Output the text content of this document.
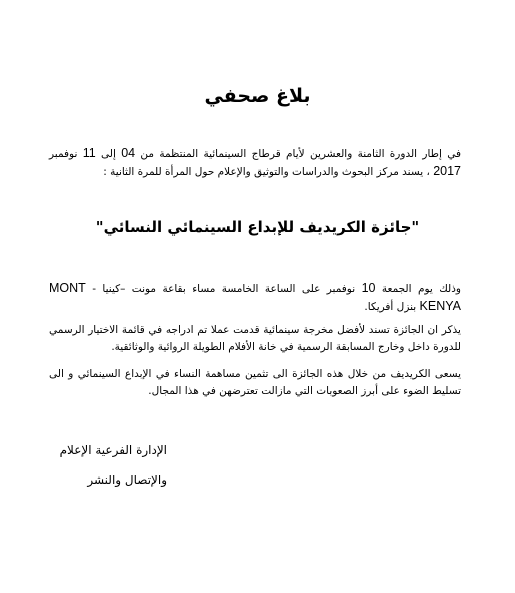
بلاغ صحفي

في إطار الدورة الثامنة والعشرين لأيام قرطاج السينمائية المنتظمة من 04 إلى 11 نوفمبر 2017 ، يسند مركز البحوث والدراسات والتوثيق والإعلام حول المرأة للمرة الثانية :

"جائزة الكريديف للإبداع السينمائي النسائي"

وذلك يوم الجمعة 10 نوفمبر على الساعة الخامسة مساء بقاعة مونت –كينيا - MONT KENYA بنزل أفريكا.

يذكر ان الجائزة تسند لأفضل مخرجة سينمائية قدمت عملا تم ادراجه في قائمة الاختيار الرسمي للدورة داخل وخارج المسابقة الرسمية في خانة الأفلام الطويلة الروائية والوثائقية.

يسعى الكريديف من خلال هذه الجائزة الى تثمين مساهمة النساء في الإبداع السينمائي و الى تسليط الضوء على أبرز الصعوبات التي مازالت تعترضهن في هذا المجال.

الإدارة الفرعية الإعلام
والإتصال والنشر
